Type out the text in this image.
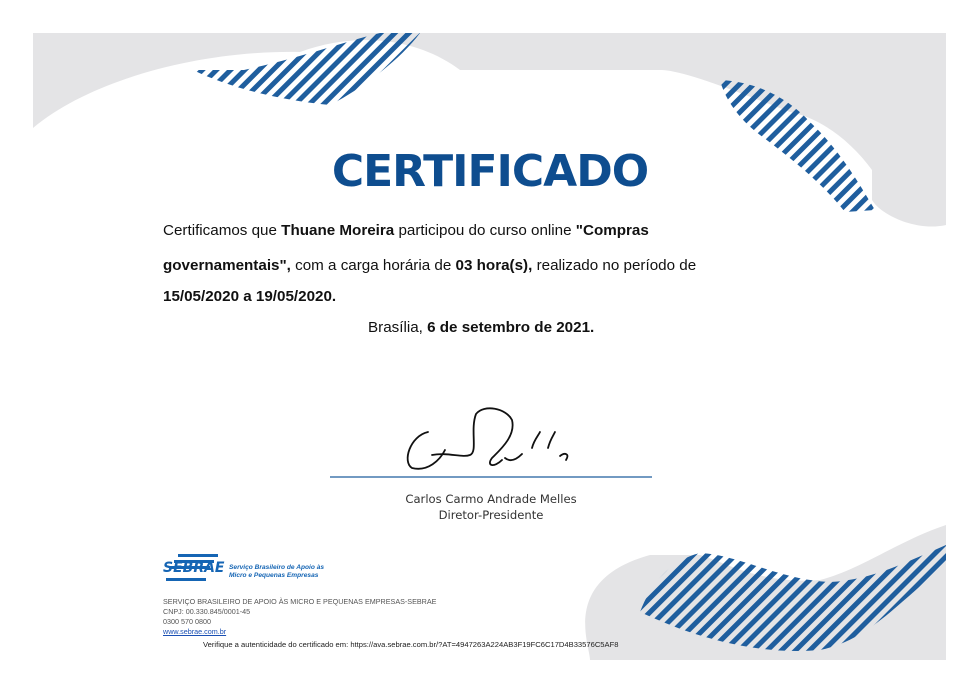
CERTIFICADO
Certificamos que Thuane Moreira participou do curso online "Compras
governamentais", com a carga horária de 03 hora(s), realizado no período de
15/05/2020 a 19/05/2020.
Brasília, 6 de setembro de 2021.
Carlos Carmo Andrade Melles
Diretor-Presidente
SEBRAE Serviço Brasileiro de Apoio às
Micro e Pequenas Empresas
SERVIÇO BRASILEIRO DE APOIO ÀS MICRO E PEQUENAS EMPRESAS-SEBRAE
CNPJ: 00.330.845/0001-45
0300 570 0800
www.sebrae.com.br
Verifique a autenticidade do certificado em: https://ava.sebrae.com.br/?AT=4947263A224AB3F19FC6C17D4B33576C5AF8
